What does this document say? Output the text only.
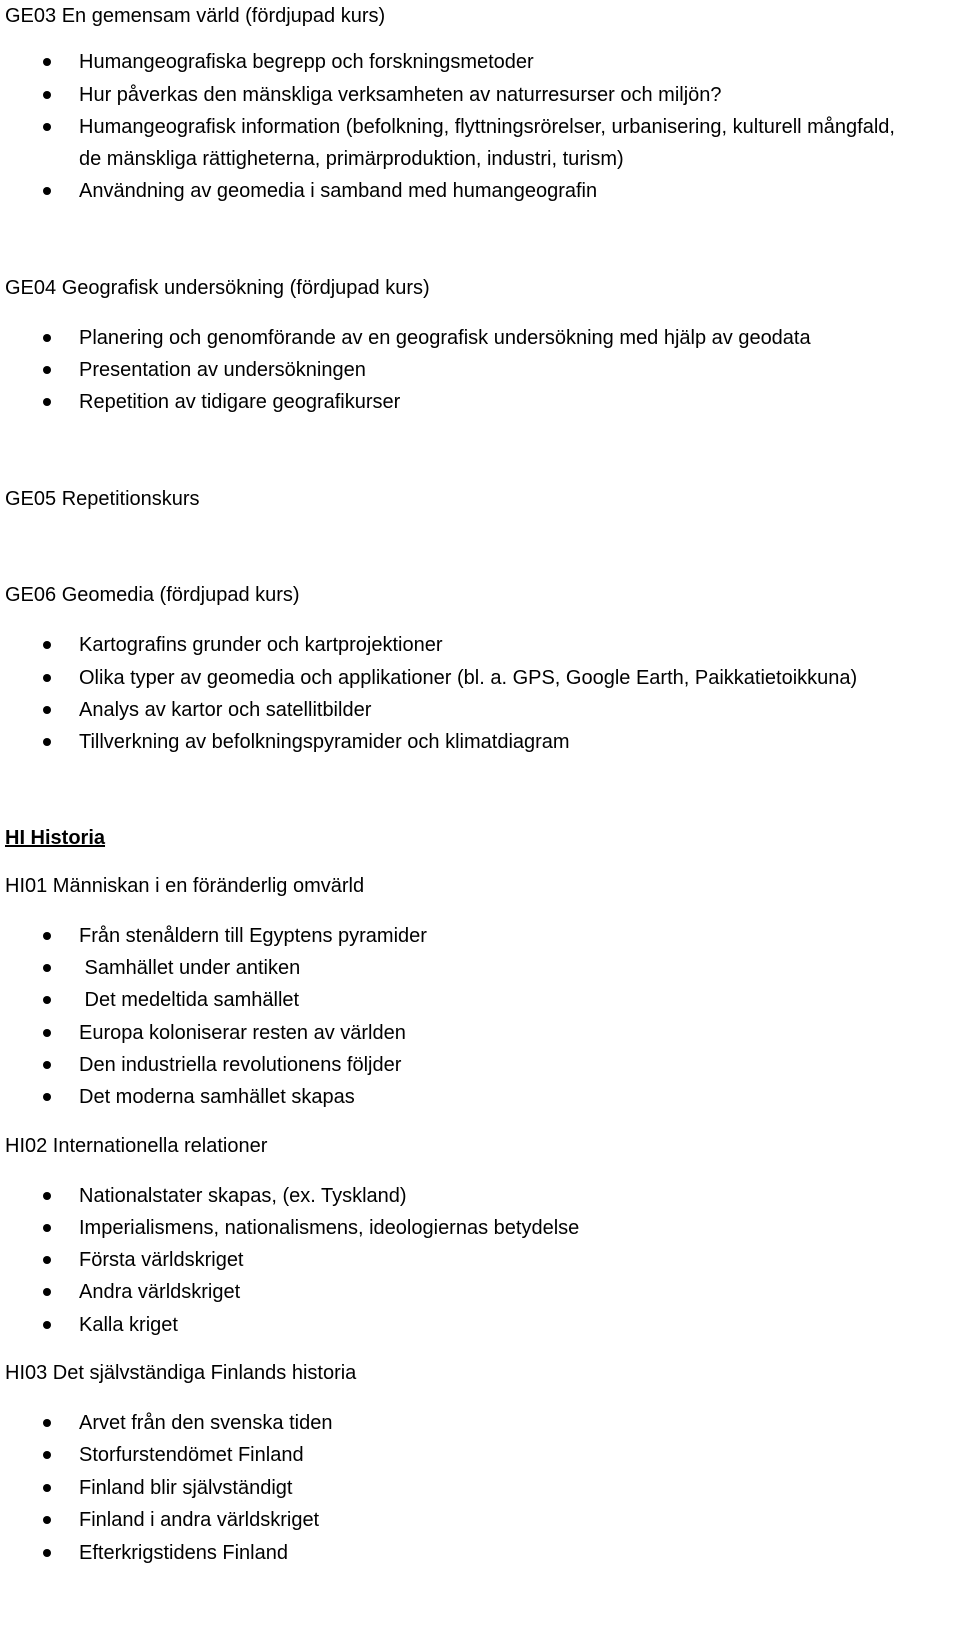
GE03 En gemensam värld (fördjupad kurs)
Humangeografiska begrepp och forskningsmetoder
Hur påverkas den mänskliga verksamheten av naturresurser och miljön?
Humangeografisk information (befolkning, flyttningsrörelser, urbanisering, kulturell mångfald, de mänskliga rättigheterna, primärproduktion, industri, turism)
Användning av geomedia i samband med humangeografin
GE04 Geografisk undersökning (fördjupad kurs)
Planering och genomförande av en geografisk undersökning med hjälp av geodata
Presentation av undersökningen
Repetition av tidigare geografikurser
GE05 Repetitionskurs
GE06 Geomedia (fördjupad kurs)
Kartografins grunder och kartprojektioner
Olika typer av geomedia och applikationer (bl. a. GPS, Google Earth, Paikkatietoikkuna)
Analys av kartor och satellitbilder
Tillverkning av befolkningspyramider och klimatdiagram
HI Historia
HI01 Människan i en föränderlig omvärld
Från stenåldern till Egyptens pyramider
Samhället under antiken
Det medeltida samhället
Europa koloniserar resten av världen
Den industriella revolutionens följder
Det moderna samhället skapas
HI02 Internationella relationer
Nationalstater skapas, (ex. Tyskland)
Imperialismens, nationalismens, ideologiernas betydelse
Första världskriget
Andra världskriget
Kalla kriget
HI03 Det självständiga Finlands historia
Arvet från den svenska tiden
Storfurstendömet Finland
Finland blir självständigt
Finland i andra världskriget
Efterkrigstidens Finland
